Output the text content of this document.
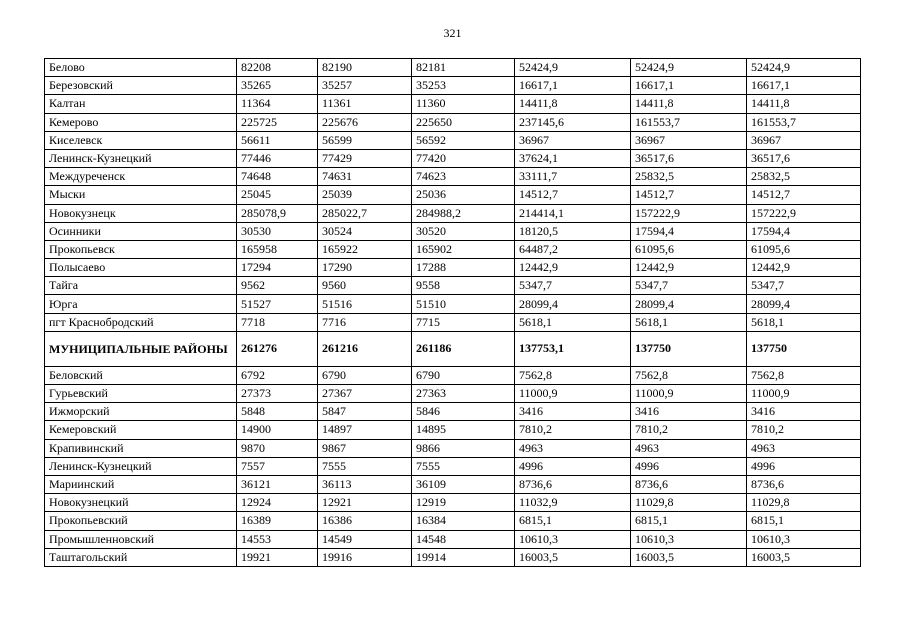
321
Белово	82208	82190	82181	52424,9	52424,9	52424,9
Березовский	35265	35257	35253	16617,1	16617,1	16617,1
Калтан	11364	11361	11360	14411,8	14411,8	14411,8
Кемерово	225725	225676	225650	237145,6	161553,7	161553,7
Киселевск	56611	56599	56592	36967	36967	36967
Ленинск-Кузнецкий	77446	77429	77420	37624,1	36517,6	36517,6
Междуреченск	74648	74631	74623	33111,7	25832,5	25832,5
Мыски	25045	25039	25036	14512,7	14512,7	14512,7
Новокузнецк	285078,9	285022,7	284988,2	214414,1	157222,9	157222,9
Осинники	30530	30524	30520	18120,5	17594,4	17594,4
Прокопьевск	165958	165922	165902	64487,2	61095,6	61095,6
Полысаево	17294	17290	17288	12442,9	12442,9	12442,9
Тайга	9562	9560	9558	5347,7	5347,7	5347,7
Юрга	51527	51516	51510	28099,4	28099,4	28099,4
пгт Краснобродский	7718	7716	7715	5618,1	5618,1	5618,1
МУНИЦИПАЛЬНЫЕ РАЙОНЫ	261276	261216	261186	137753,1	137750	137750
Беловский	6792	6790	6790	7562,8	7562,8	7562,8
Гурьевский	27373	27367	27363	11000,9	11000,9	11000,9
Ижморский	5848	5847	5846	3416	3416	3416
Кемеровский	14900	14897	14895	7810,2	7810,2	7810,2
Крапивинский	9870	9867	9866	4963	4963	4963
Ленинск-Кузнецкий	7557	7555	7555	4996	4996	4996
Мариинский	36121	36113	36109	8736,6	8736,6	8736,6
Новокузнецкий	12924	12921	12919	11032,9	11029,8	11029,8
Прокопьевский	16389	16386	16384	6815,1	6815,1	6815,1
Промышленновский	14553	14549	14548	10610,3	10610,3	10610,3
Таштагольский	19921	19916	19914	16003,5	16003,5	16003,5
